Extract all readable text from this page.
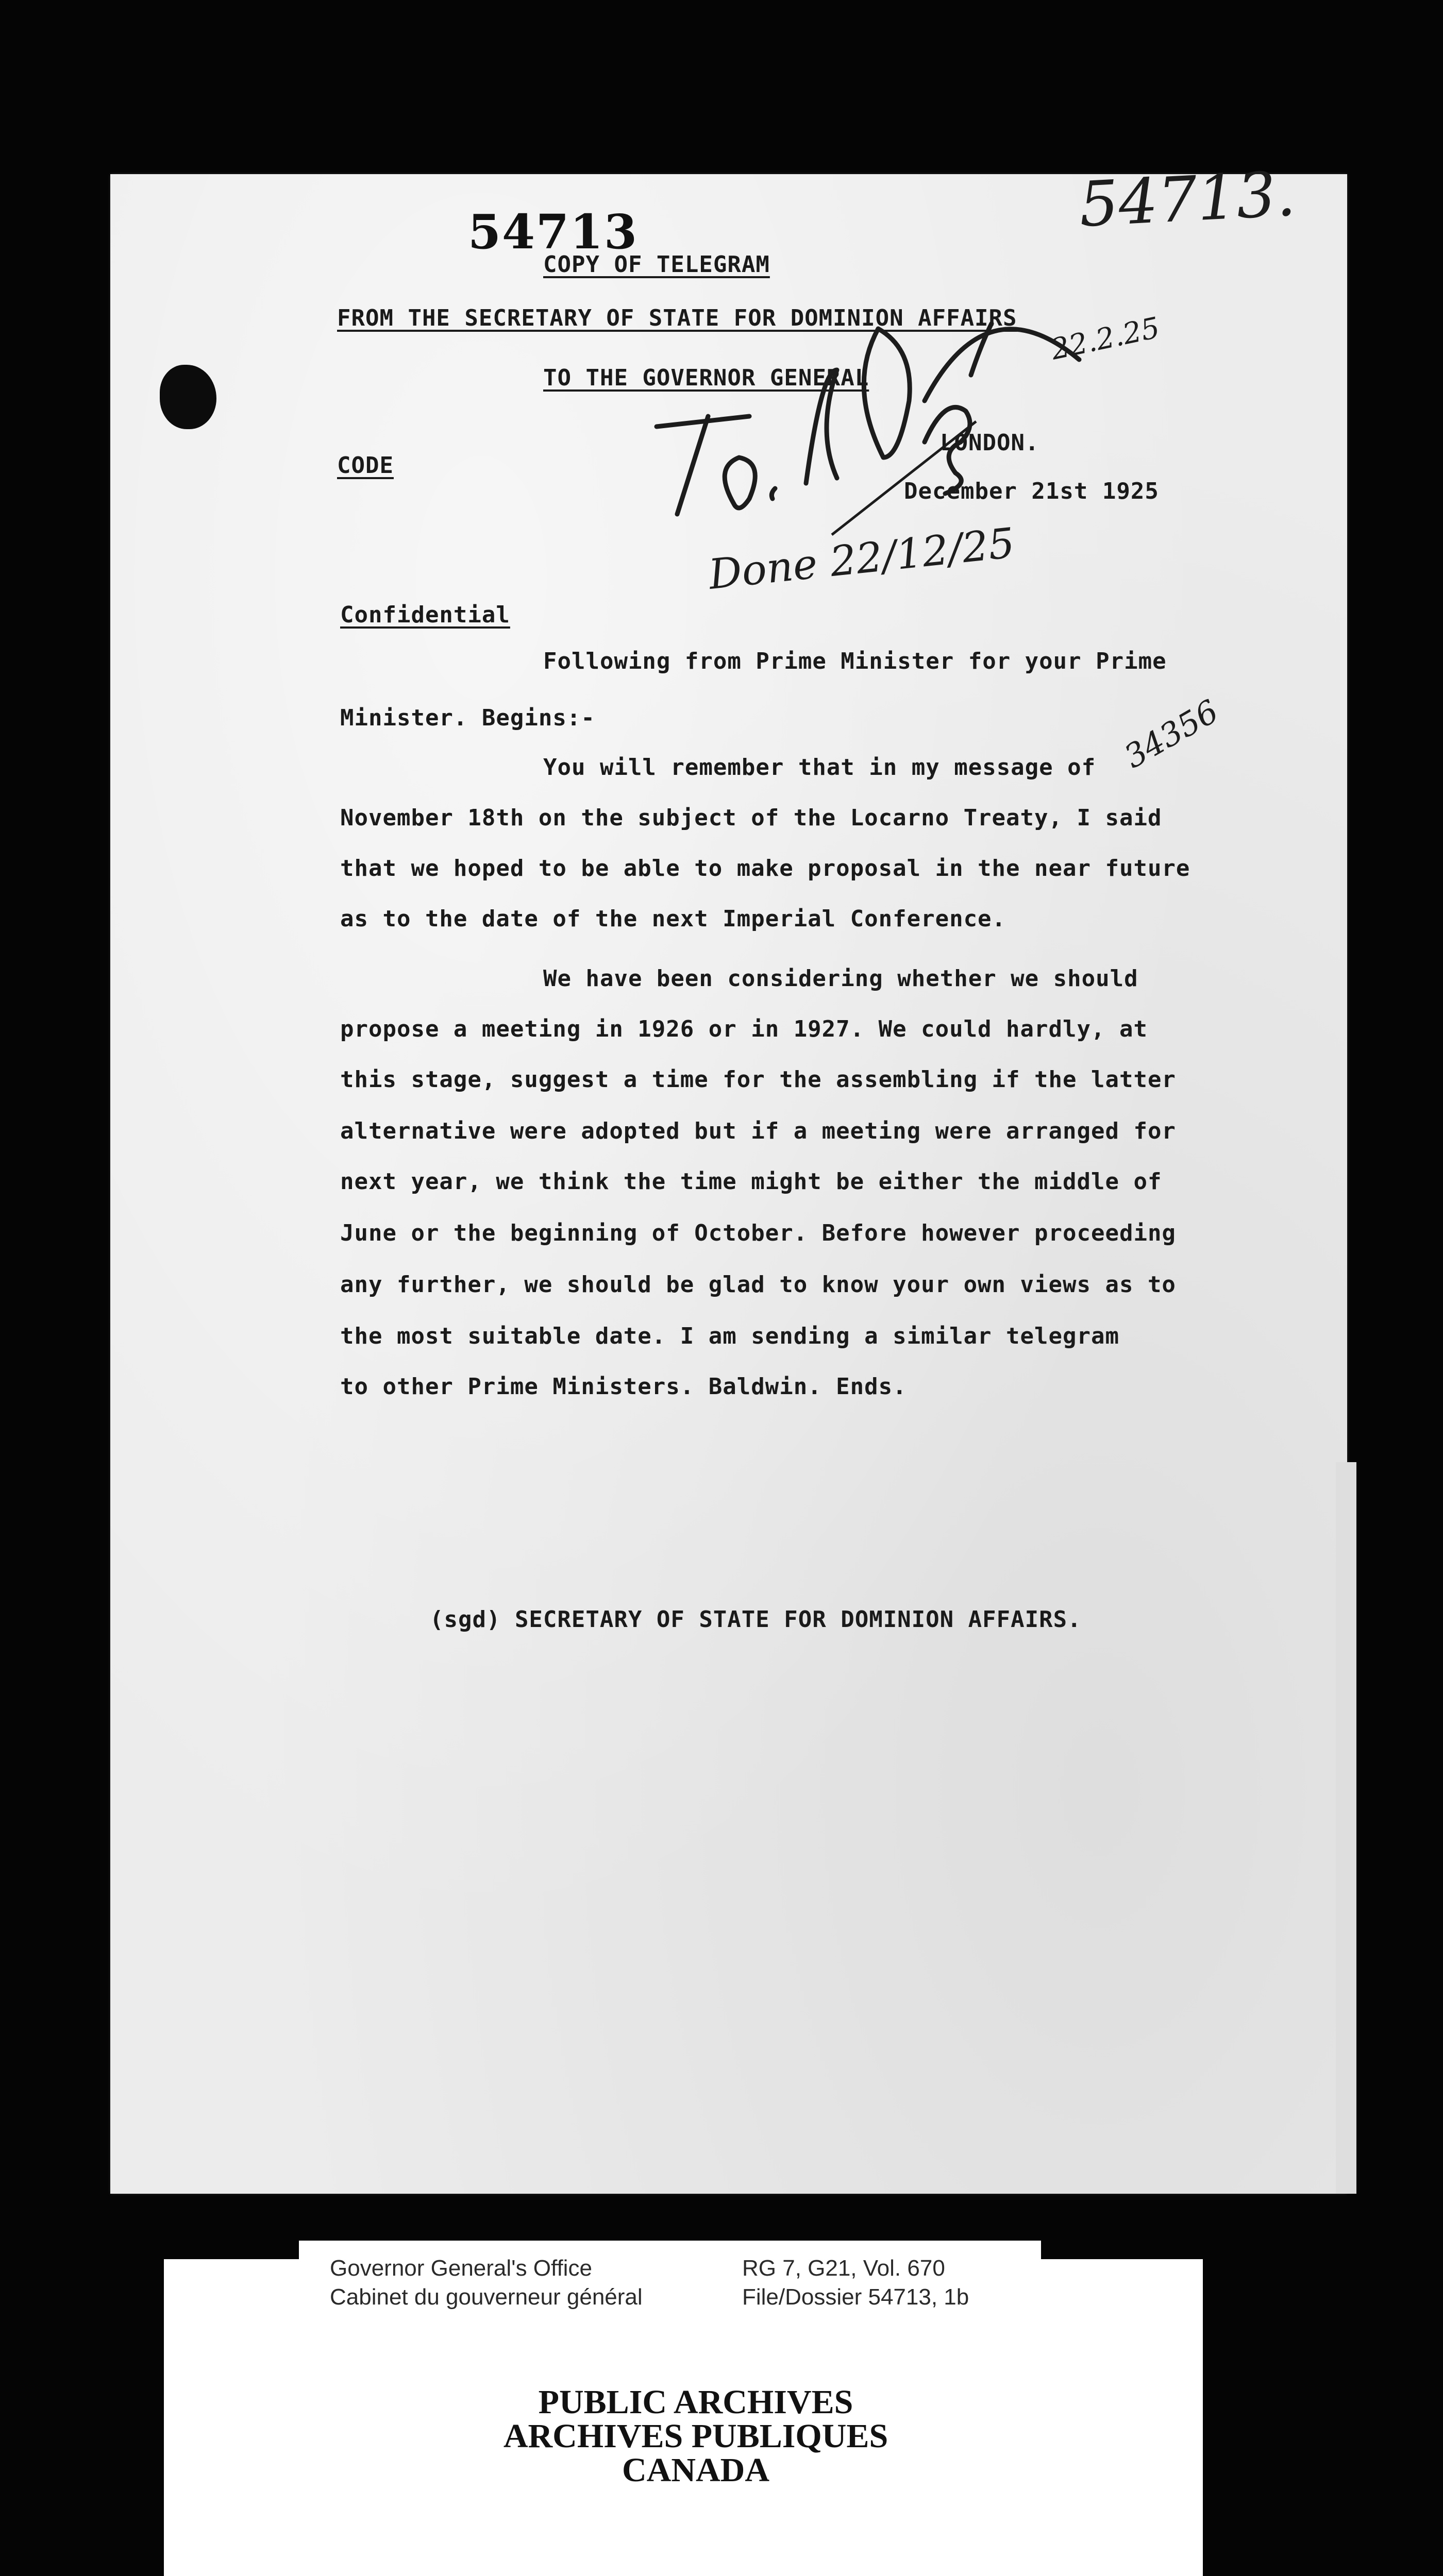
54713.
54713
COPY OF TELEGRAM
FROM THE SECRETARY OF STATE FOR DOMINION AFFAIRS
TO THE GOVERNOR GENERAL
CODE
LONDON.
December 21st 1925
22.2.25
Confidential
Done 22/12/25
34356
Following from Prime Minister for your Prime
Minister. Begins:-
You will remember that in my message of
November 18th on the subject of the Locarno Treaty, I said
that we hoped to be able to make proposal in the near future
as to the date of the next Imperial Conference.
We have been considering whether we should
propose a meeting in 1926 or in 1927. We could hardly, at
this stage, suggest a time for the assembling if the latter
alternative were adopted but if a meeting were arranged for
next year, we think the time might be either the middle of
June or the beginning of October. Before however proceeding
any further, we should be glad to know your own views as to
the most suitable date. I am sending a similar telegram
to other Prime Ministers. Baldwin. Ends.
(sgd) SECRETARY OF STATE FOR DOMINION AFFAIRS.
Governor General's Office
Cabinet du gouverneur général
RG 7, G21, Vol. 670
File/Dossier 54713, 1b
PUBLIC ARCHIVES
ARCHIVES PUBLIQUES
CANADA
